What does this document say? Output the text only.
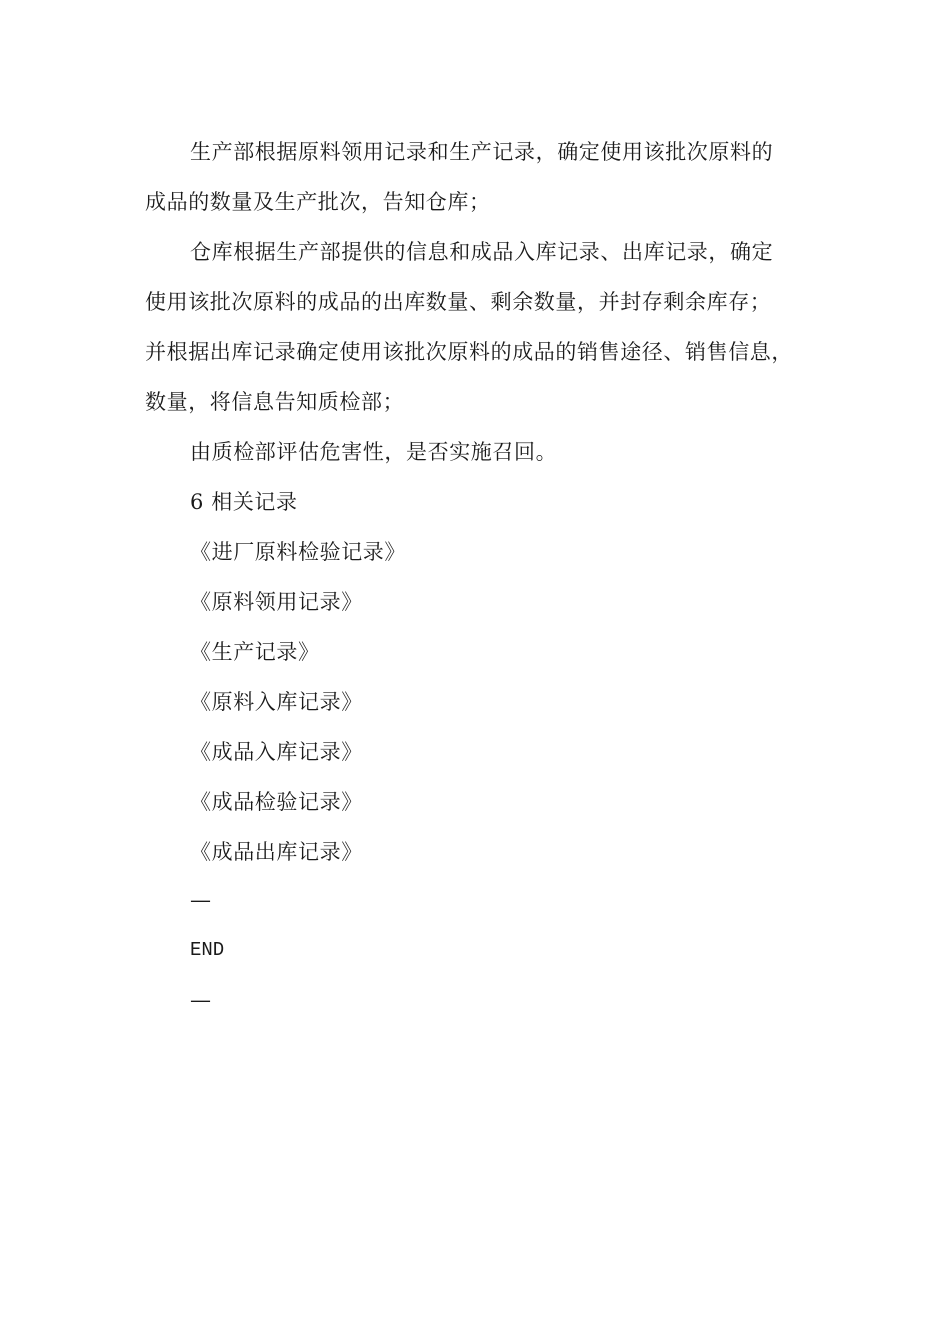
生产部根据原料领用记录和生产记录，确定使用该批次原料的
成品的数量及生产批次，告知仓库；
仓库根据生产部提供的信息和成品入库记录、出库记录，确定
使用该批次原料的成品的出库数量、剩余数量，并封存剩余库存；
并根据出库记录确定使用该批次原料的成品的销售途径、销售信息，
数量，将信息告知质检部；
由质检部评估危害性，是否实施召回。
6 相关记录
《进厂原料检验记录》
《原料领用记录》
《生产记录》
《原料入库记录》
《成品入库记录》
《成品检验记录》
《成品出库记录》
—
END
—
